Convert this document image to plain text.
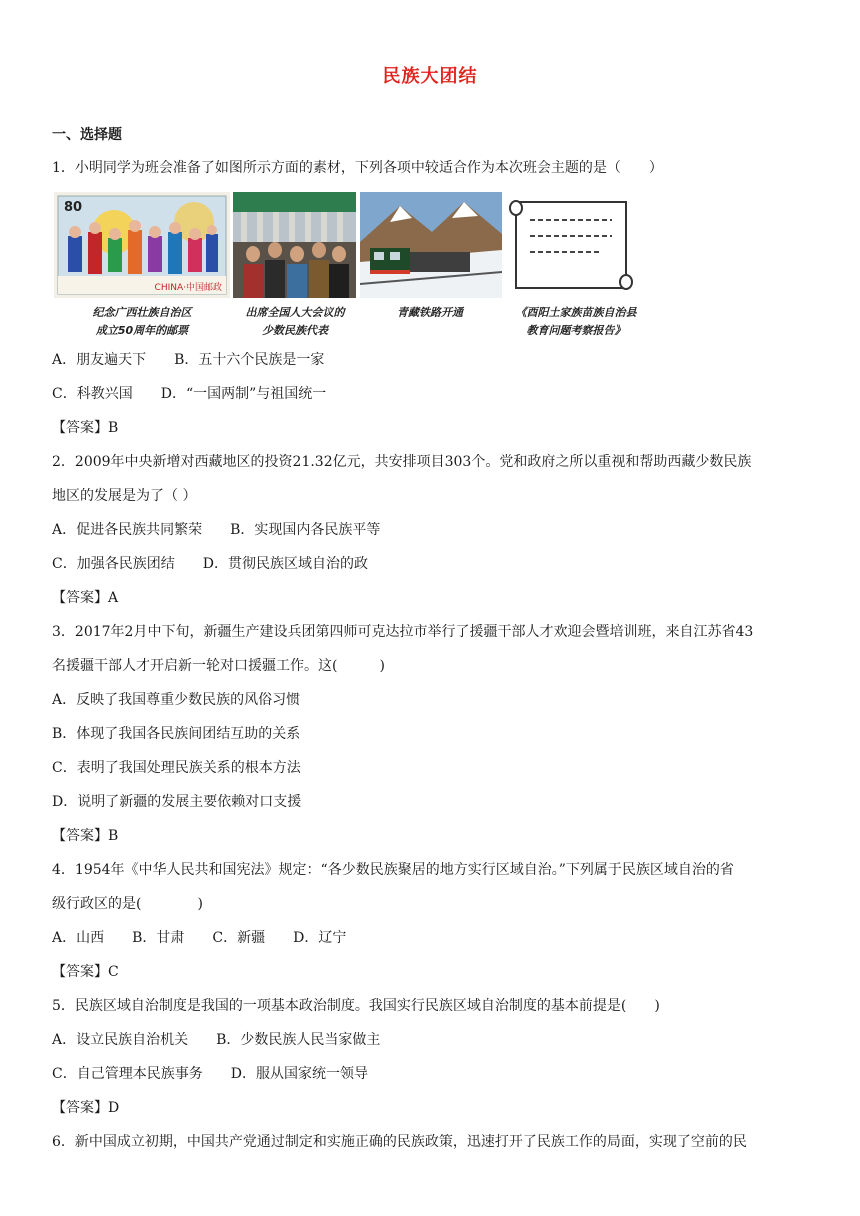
民族大团结
一、选择题
1．小明同学为班会准备了如图所示方面的素材，下列各项中较适合作为本次班会主题的是（　　）
80
CHINA·中国邮政
纪念广西壮族自治区
成立50周年的邮票
出席全国人大会议的
少数民族代表
青藏铁路开通	《酉阳土家族苗族自治县
教育问题考察报告》
A．朋友遍天下 B．五十六个民族是一家
C．科教兴国 D．“一国两制”与祖国统一
【答案】B
2．2009年中央新增对西藏地区的投资21.32亿元，共安排项目303个。党和政府之所以重视和帮助西藏少数民族
地区的发展是为了（ ）
A．促进各民族共同繁荣 B．实现国内各民族平等
C．加强各民族团结 D．贯彻民族区域自治的政
【答案】A
3．2017年2月中下旬，新疆生产建设兵团第四师可克达拉市举行了援疆干部人才欢迎会暨培训班，来自江苏省43
名援疆干部人才开启新一轮对口援疆工作。这(　　　)
A．反映了我国尊重少数民族的风俗习惯
B．体现了我国各民族间团结互助的关系
C．表明了我国处理民族关系的根本方法
D．说明了新疆的发展主要依赖对口支援
【答案】B
4．1954年《中华人民共和国宪法》规定：“各少数民族聚居的地方实行区域自治。”下列属于民族区域自治的省
级行政区的是(　　　　)
A．山西 B．甘肃 C．新疆 D．辽宁
【答案】C
5．民族区域自治制度是我国的一项基本政治制度。我国实行民族区域自治制度的基本前提是(　　)
A．设立民族自治机关 B．少数民族人民当家做主
C．自己管理本民族事务 D．服从国家统一领导
【答案】D
6．新中国成立初期，中国共产党通过制定和实施正确的民族政策，迅速打开了民族工作的局面，实现了空前的民
